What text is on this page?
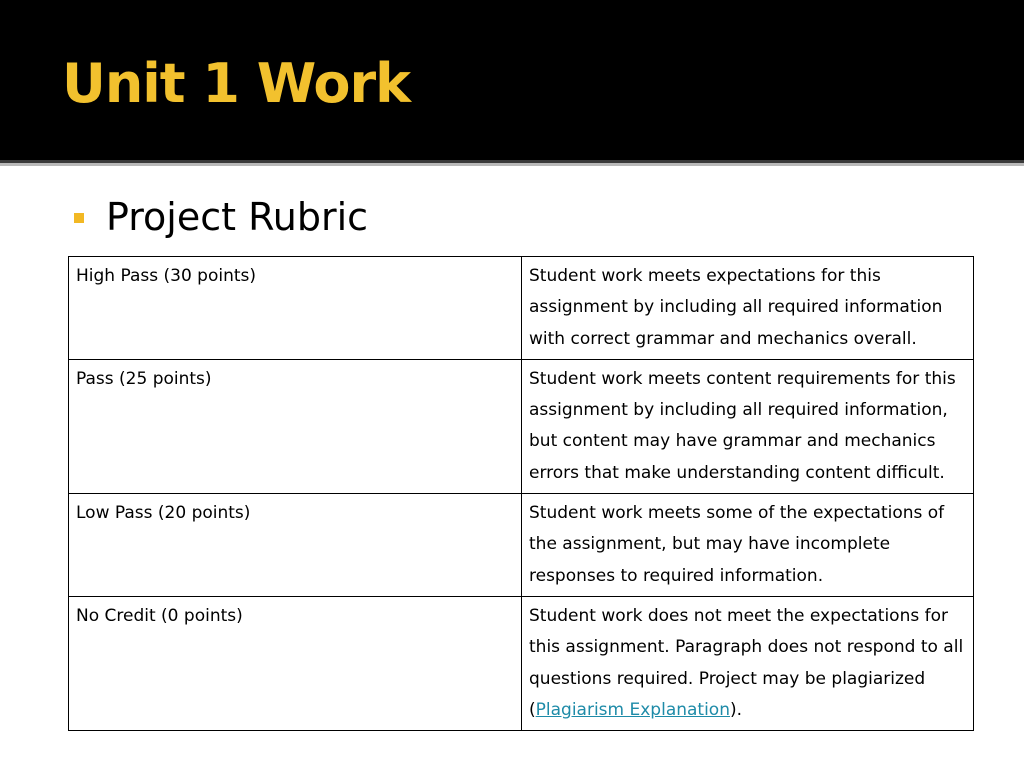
Unit 1 Work
Project Rubric
High Pass (30 points)	Student work meets expectations for this assignment by including all required information with correct grammar and mechanics overall.
Pass (25 points)	Student work meets content requirements for this assignment by including all required information, but content may have grammar and mechanics errors that make understanding content difficult.
Low Pass (20 points)	Student work meets some of the expectations of the assignment, but may have incomplete responses to required information.
No Credit (0 points)	Student work does not meet the expectations for this assignment. Paragraph does not respond to all questions required. Project may be plagiarized (Plagiarism Explanation).
